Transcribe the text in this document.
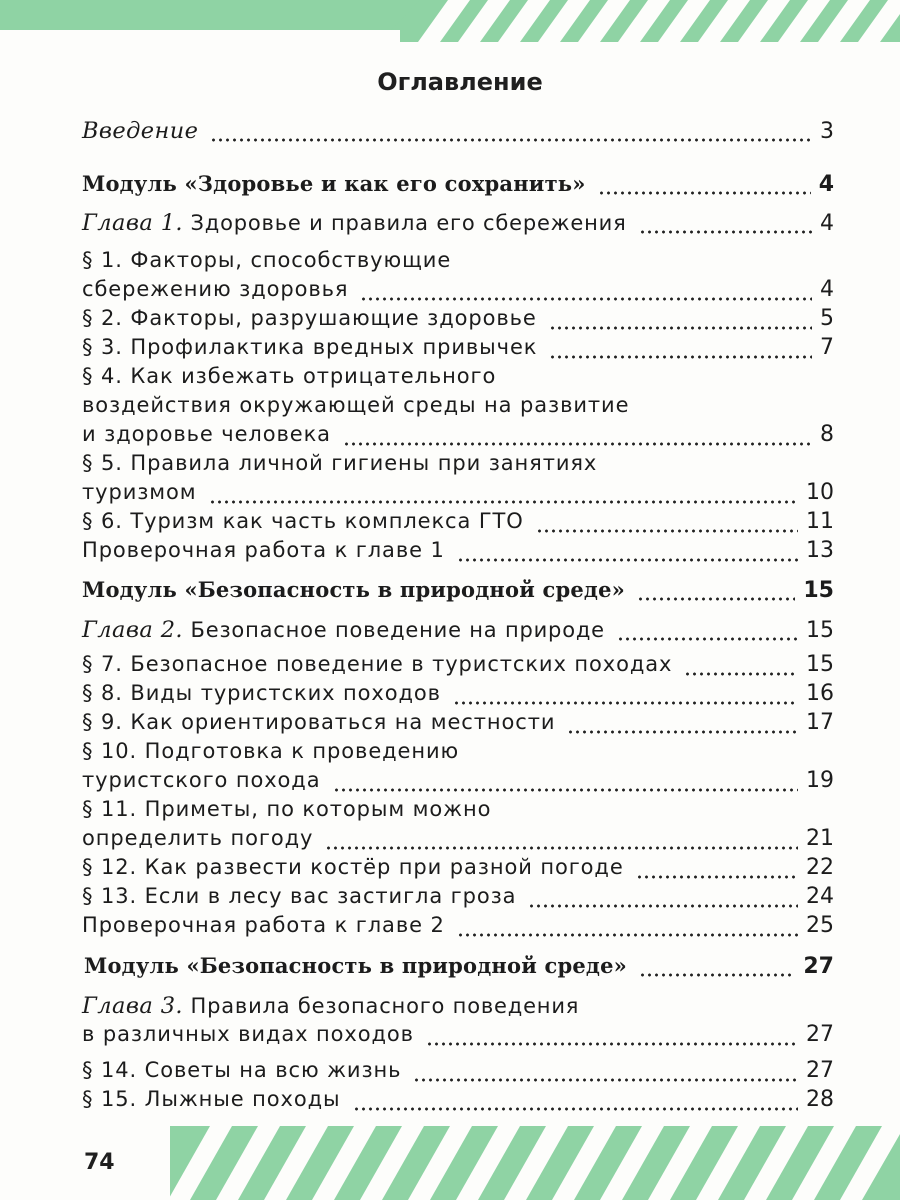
Оглавление
Введение	3
Модуль «Здоровье и как его сохранить»	4
Глава 1.
Здоровье и правила его сбережения	4
§ 1. Факторы, способствующие
сбережению здоровья	4
§ 2. Факторы, разрушающие здоровье	5
§ 3. Профилактика вредных привычек	7
§ 4. Как избежать отрицательного
воздействия окружающей среды на развитие
и здоровье человека	8
§ 5. Правила личной гигиены при занятиях
туризмом	10
§ 6. Туризм как часть комплекса ГТО	11
Проверочная работа к главе 1	13
Модуль «Безопасность в природной среде»	15
Глава 2.
Безопасное поведение на природе	15
§ 7. Безопасное поведение в туристских походах	15
§ 8. Виды туристских походов	16
§ 9. Как ориентироваться на местности	17
§ 10. Подготовка к проведению
туристского похода	19
§ 11. Приметы, по которым можно
определить погоду	21
§ 12. Как развести костёр при разной погоде	22
§ 13. Если в лесу вас застигла гроза	24
Проверочная работа к главе 2	25
Модуль «Безопасность в природной среде»	27
Глава 3.
Правила безопасного поведения
в различных видах походов	27
§ 14. Советы на всю жизнь	27
§ 15. Лыжные походы	28
74
